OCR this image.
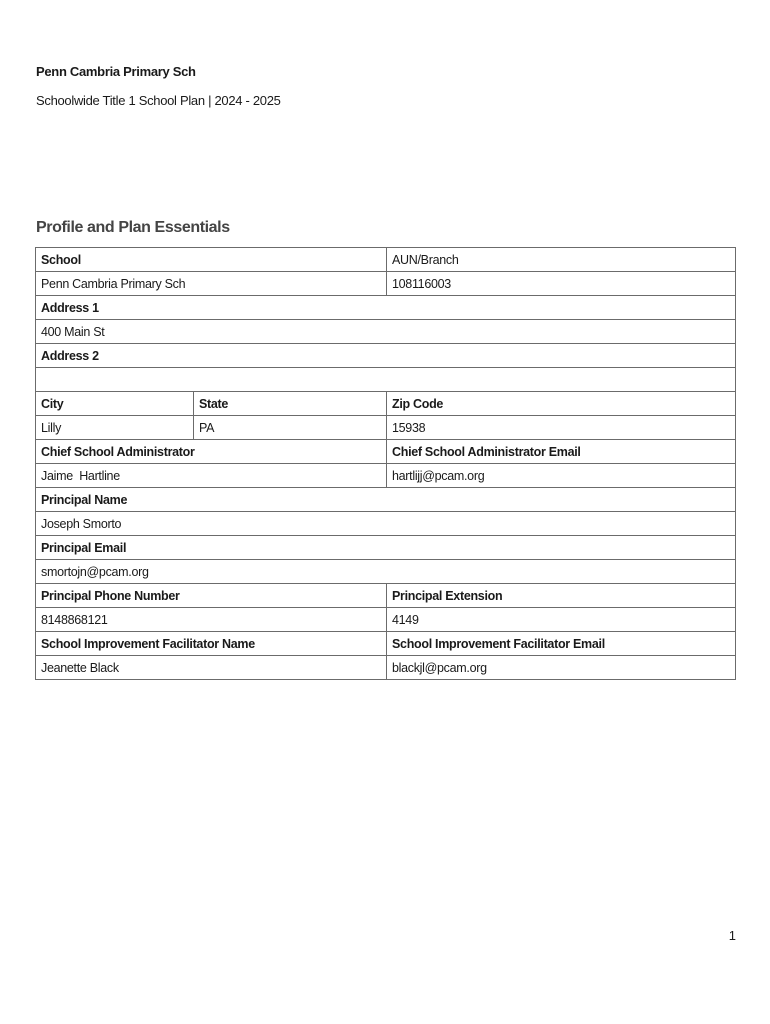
Penn Cambria Primary Sch
Schoolwide Title 1 School Plan | 2024 - 2025
Profile and Plan Essentials
School		AUN/Branch
Penn Cambria Primary Sch		108116003
Address 1		
400 Main St		
Address 2		

City	State	Zip Code
Lilly	PA	15938
Chief School Administrator		Chief School Administrator Email
Jaime  Hartline		hartlijj@pcam.org
Principal Name		
Joseph Smorto		
Principal Email		
smortojn@pcam.org		
Principal Phone Number		Principal Extension
8148868121		4149
School Improvement Facilitator Name		School Improvement Facilitator Email
Jeanette Black		blackjl@pcam.org
1
